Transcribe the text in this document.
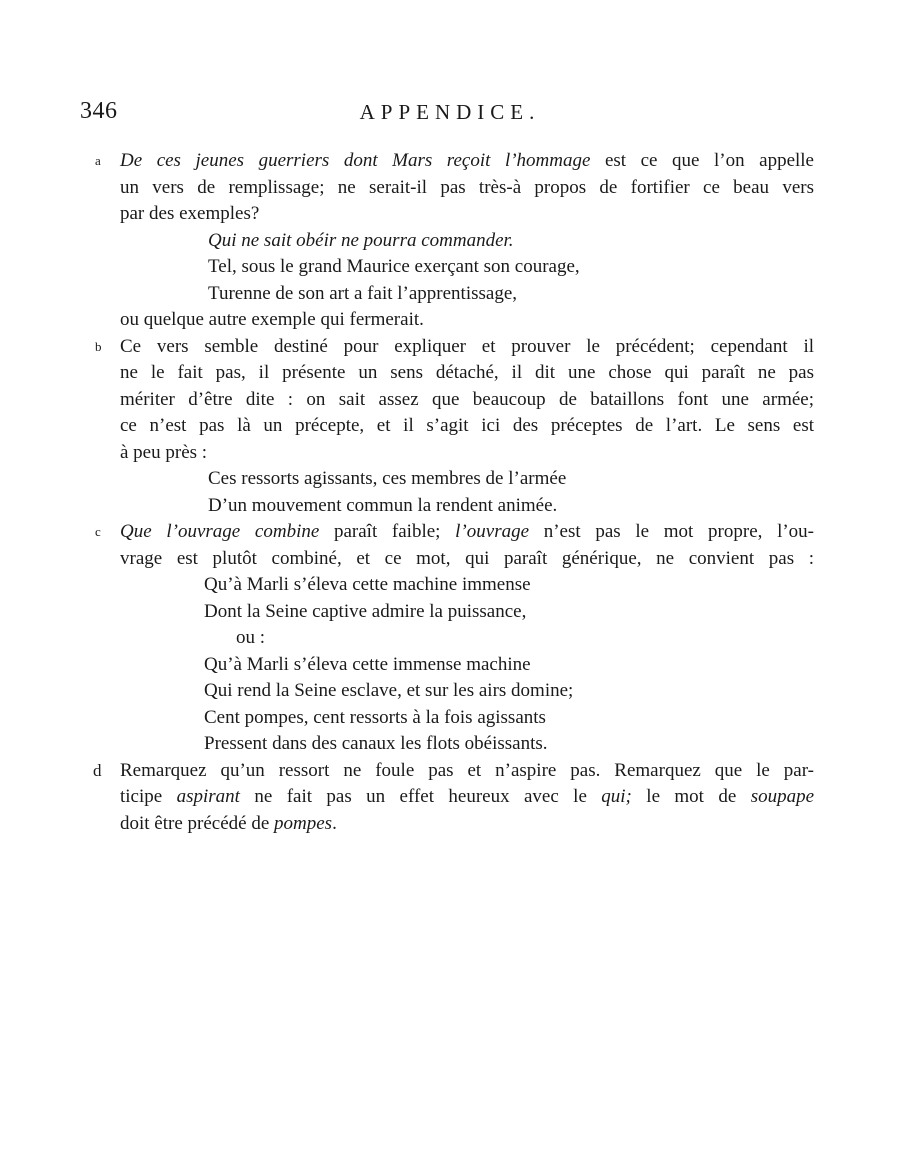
346	APPENDICE.
a De ces jeunes guerriers dont Mars reçoit l’hommage est ce que l’on appelle
un vers de remplissage; ne serait-il pas très-à propos de fortifier ce beau vers
par des exemples?
Qui ne sait obéir ne pourra commander.
Tel, sous le grand Maurice exerçant son courage,
Turenne de son art a fait l’apprentissage,
ou quelque autre exemple qui fermerait.
b Ce vers semble destiné pour expliquer et prouver le précédent; cependant il
ne le fait pas, il présente un sens détaché, il dit une chose qui paraît ne pas
mériter d’être dite : on sait assez que beaucoup de bataillons font une armée;
ce n’est pas là un précepte, et il s’agit ici des préceptes de l’art. Le sens est
à peu près :
Ces ressorts agissants, ces membres de l’armée
D’un mouvement commun la rendent animée.
c Que l’ouvrage combine paraît faible; l’ouvrage n’est pas le mot propre, l’ou-
vrage est plutôt combiné, et ce mot, qui paraît générique, ne convient pas :
Qu’à Marli s’éleva cette machine immense
Dont la Seine captive admire la puissance,
ou :
Qu’à Marli s’éleva cette immense machine
Qui rend la Seine esclave, et sur les airs domine;
Cent pompes, cent ressorts à la fois agissants
Pressent dans des canaux les flots obéissants.
d Remarquez qu’un ressort ne foule pas et n’aspire pas. Remarquez que le par-
ticipe aspirant ne fait pas un effet heureux avec le qui; le mot de soupape
doit être précédé de pompes.
